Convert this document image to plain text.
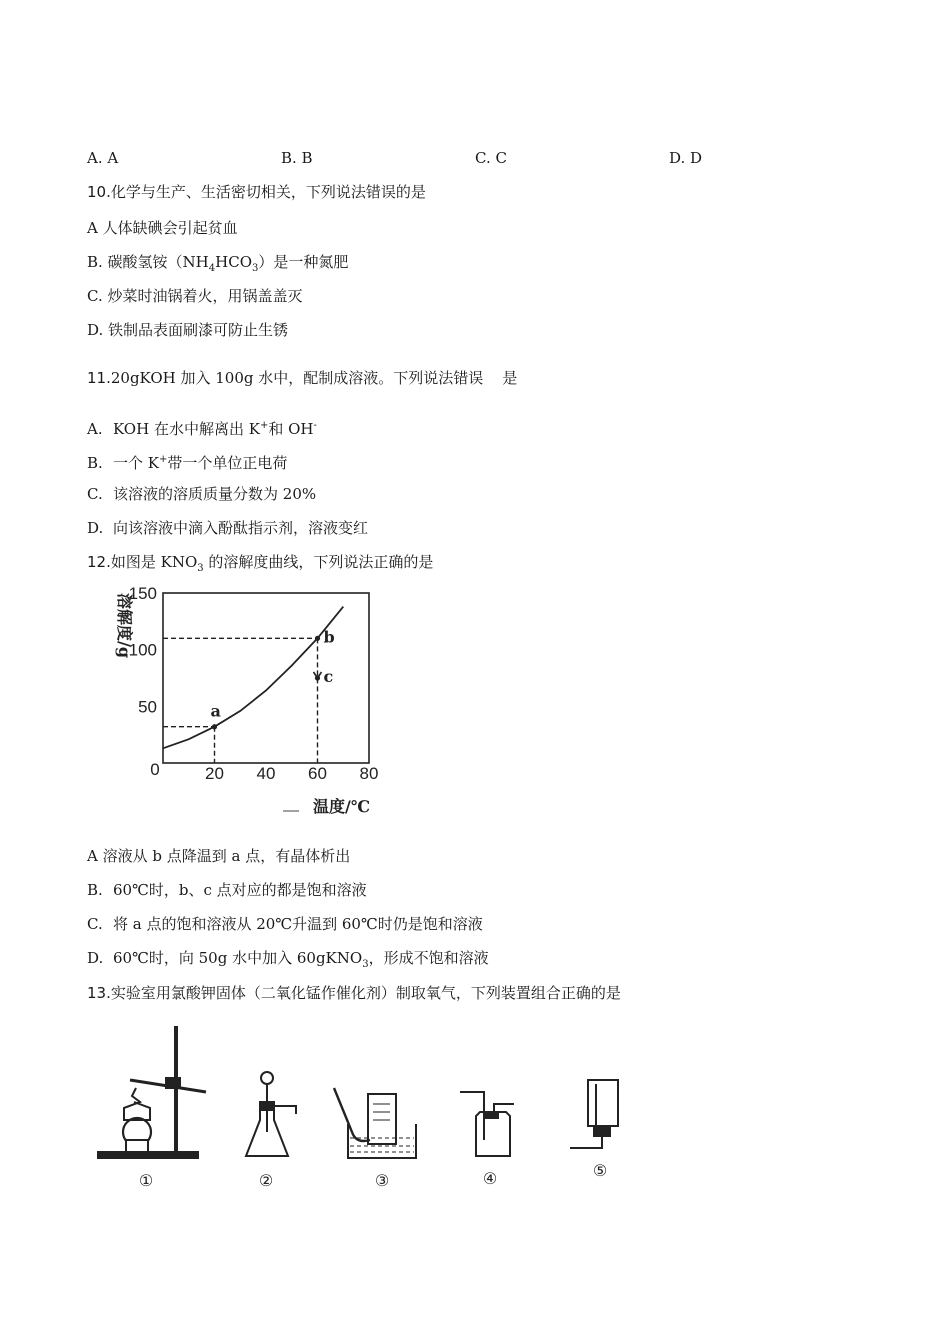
A. A	B. B	C. C	D. D
10.化学与生产、生活密切相关，下列说法错误的是
A 人体缺碘会引起贫血
B. 碳酸氢铵$(NH_4HCO_3)$是一种氮肥
C. 炒菜时油锅着火，用锅盖盖灭
D. 铁制品表面刷漆可防止生锈
11.20gKOH 加入 100g 水中，配制成溶液。下列说法错误    是
A. KOH 在水中解离出 K+和 OH-
B. 一个 K+带一个单位正电荷
C. 该溶液的溶质质量分数为 20%
D. 向该溶液中滴入酚酞指示剂，溶液变红
12.如图是 $KNO_3$ 的溶解度曲线，下列说法正确的是
溶解度/g
50
100
150
0	20 40 60 80
a
b
c
温度/℃
A 溶液从 b 点降温到 a 点，有晶体析出
B. 60℃时，b、c 点对应的都是饱和溶液
C. 将 a 点的饱和溶液从 20℃升温到 60℃时仍是饱和溶液
D. 60℃时，向 50g 水中加入 60gKNO$_3$，形成不饱和溶液
13.实验室用氯酸钾固体（二氧化锰作催化剂）制取氧气，下列装置组合正确的是
①	②	③	④	⑤
